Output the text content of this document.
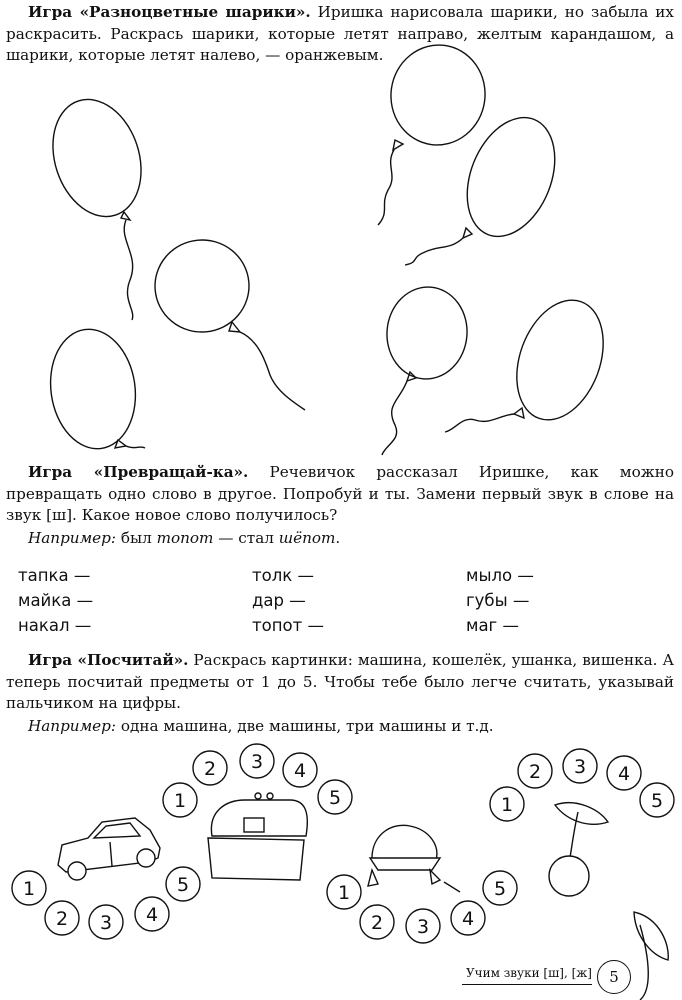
Игра «Разноцветные шарики». Иришка нарисовала шарики, но забыла их раскрасить. Раскрась шарики, которые летят направо, желтым карандашом, а шарики, которые летят налево, — оранжевым.

Игра «Превращай-ка». Речевичок рассказал Иришке, как можно превращать одно слово в другое. Попробуй и ты. Замени первый звук в слове на звук [ш]. Какое новое слово получилось?

Например: был топот — стал шёпот.
тапка —
майка —
накал —
толк —
дар —
топот —
мыло —
губы —
маг —

Игра «Посчитай». Раскрась картинки: машина, кошелёк, ушанка, вишенка. А теперь посчитай предметы от 1 до 5. Чтобы тебе было легче считать, указывай пальчиком на цифры.

Например: одна машина, две машины, три машины и т.д.
1
2 3 4
5
1
2 3 4
5	1
2 3 4
5
1
2 3 4
5
Учим звуки [ш], [ж]	5
